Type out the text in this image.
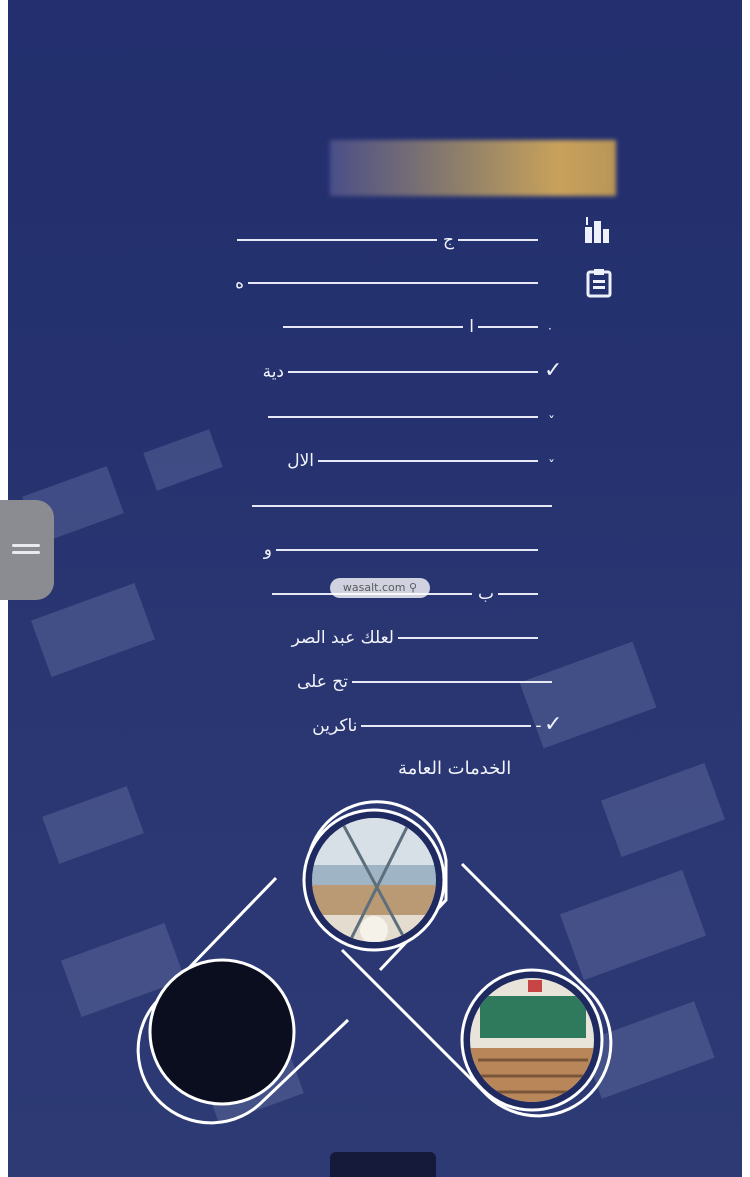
ج
ه
ا
دية
الال
و
ب
لعلك عبد الصر
تح على
-
ناكرين
✓
✓
·
ˇ
ˇ
الخدمات العامة
wasalt.com ⚲
